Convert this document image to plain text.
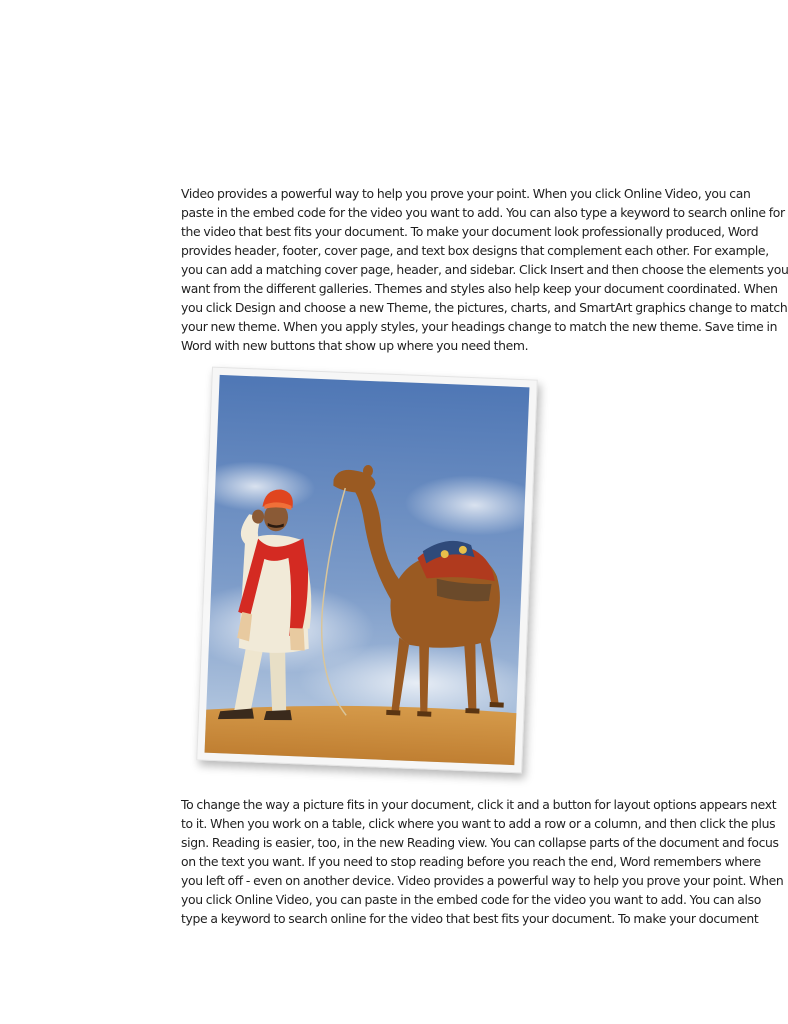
Video provides a powerful way to help you prove your point. When you click Online Video, you can
paste in the embed code for the video you want to add. You can also type a keyword to search online for
the video that best fits your document. To make your document look professionally produced, Word
provides header, footer, cover page, and text box designs that complement each other. For example,
you can add a matching cover page, header, and sidebar. Click Insert and then choose the elements you
want from the different galleries. Themes and styles also help keep your document coordinated. When
you click Design and choose a new Theme, the pictures, charts, and SmartArt graphics change to match
your new theme. When you apply styles, your headings change to match the new theme. Save time in
Word with new buttons that show up where you need them.
To change the way a picture fits in your document, click it and a button for layout options appears next
to it. When you work on a table, click where you want to add a row or a column, and then click the plus
sign. Reading is easier, too, in the new Reading view. You can collapse parts of the document and focus
on the text you want. If you need to stop reading before you reach the end, Word remembers where
you left off - even on another device. Video provides a powerful way to help you prove your point. When
you click Online Video, you can paste in the embed code for the video you want to add. You can also
type a keyword to search online for the video that best fits your document. To make your document
